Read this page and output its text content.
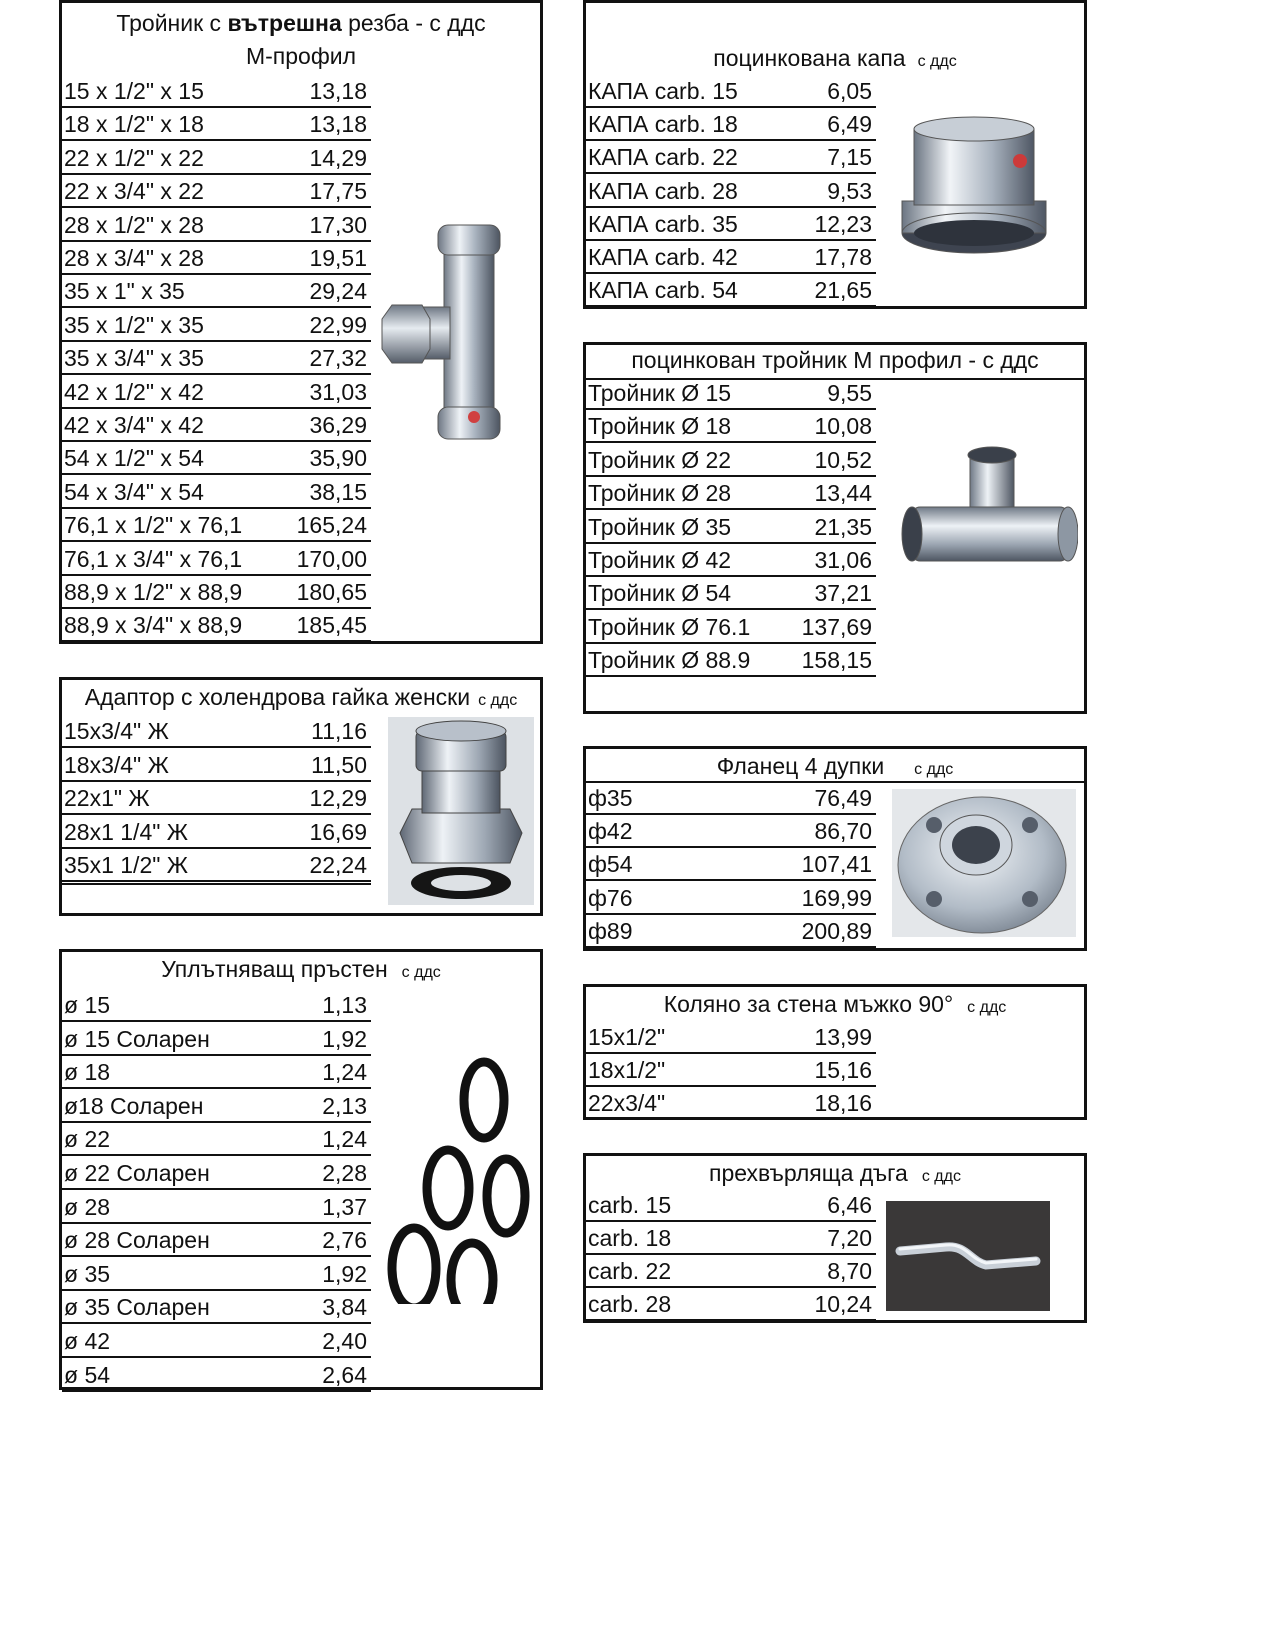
Тройник с вътрешна резба - с ддс
М-профил
15 x 1/2" x 15	13,18
18 x 1/2" x 18	13,18
22 x 1/2" x 22	14,29
22 x 3/4" x 22	17,75
28 x 1/2" x 28	17,30
28 x 3/4" x 28	19,51
35 x 1" x 35	29,24
35 x 1/2" x 35	22,99
35 x 3/4" x 35	27,32
42 x 1/2" x 42	31,03
42 x 3/4" x 42	36,29
54 x 1/2" x 54	35,90
54 x 3/4" x 54	38,15
76,1 x 1/2" x 76,1 165,24
76,1 x 3/4" x 76,1 170,00
88,9 x 1/2" x 88,9 180,65
88,9 x 3/4" x 88,9 185,45
поцинкована капа с ддс
КАПА carb. 15	6,05
КАПА carb. 18	6,49
КАПА carb. 22	7,15
КАПА carb. 28	9,53
КАПА carb. 35	12,23
КАПА carb. 42	17,78
КАПА carb. 54	21,65
поцинкован тройник М профил - с ддс
Тройник Ø 15	9,55
Тройник Ø 18	10,08
Тройник Ø 22	10,52
Тройник Ø 28	13,44
Тройник Ø 35	21,35
Тройник Ø 42	31,06
Тройник Ø 54	37,21
Тройник Ø 76.1 137,69
Тройник Ø 88.9 158,15
Адаптор с холендрова гайка женски с ддс
15x3/4" Ж	11,16
18x3/4" Ж	11,50
22x1" Ж	12,29
28x1 1/4" Ж	16,69
35x1 1/2" Ж	22,24
Фланец 4 дупки с ддс
ф35	76,49
ф42	86,70
ф54	107,41
ф76	169,99
ф89	200,89
Уплътняващ пръстен с ддс
ø 15	1,13
ø 15 Соларен	1,92
ø 18	1,24
ø18 Соларен	2,13
ø 22	1,24
ø 22 Соларен	2,28
ø 28	1,37
ø 28 Соларен	2,76
ø 35	1,92
ø 35 Соларен	3,84
ø 42	2,40
ø 54	2,64
Коляно за стена мъжко 90° с ддс
15x1/2"	13,99
18x1/2"	15,16
22x3/4"	18,16
прехвърляща дъга с ддс
carb. 15	6,46
carb. 18	7,20
carb. 22	8,70
carb. 28	10,24
